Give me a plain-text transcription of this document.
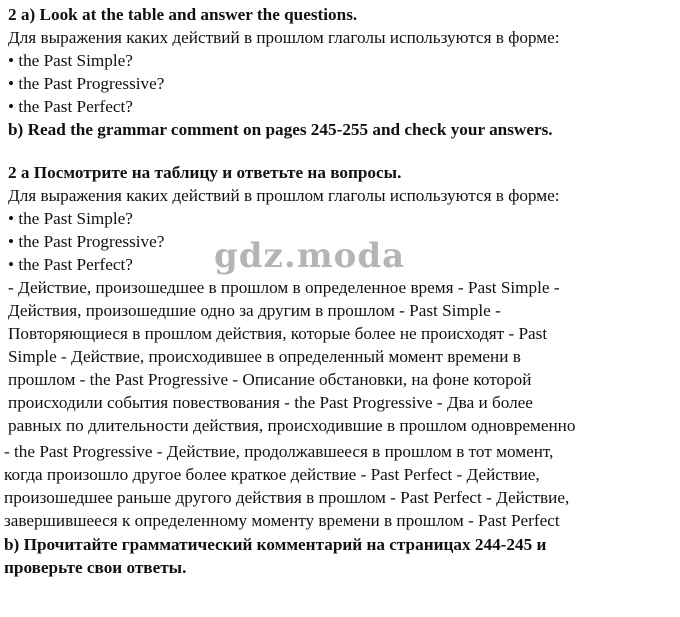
2 a) Look at the table and answer the questions.
Для выражения каких действий в прошлом глаголы используются в форме:
• the Past Simple?
• the Past Progressive?
• the Past Perfect?
b) Read the grammar comment on pages 245-255 and check your answers.
2 а Посмотрите на таблицу и ответьте на вопросы.
Для выражения каких действий в прошлом глаголы используются в форме:
• the Past Simple?
• the Past Progressive?
• the Past Perfect?
- Действие, произошедшее в прошлом в определенное время - Past Simple -
Действия, произошедшие одно за другим в прошлом - Past Simple -
Повторяющиеся в прошлом действия, которые более не происходят - Past
Simple - Действие, происходившее в определенный момент времени в
прошлом - the Past Progressive - Описание обстановки, на фоне которой
происходили события повествования - the Past Progressive - Два и более
равных по длительности действия, происходившие в прошлом одновременно
- the Past Progressive - Действие, продолжавшееся в прошлом в тот момент,
когда произошло другое более краткое действие - Past Perfect - Действие,
произошедшее раньше другого действия в прошлом - Past Perfect - Действие,
завершившееся к определенному моменту времени в прошлом - Past Perfect
b) Прочитайте грамматический комментарий на страницах 244-245 и
проверьте свои ответы.
gdz.moda
